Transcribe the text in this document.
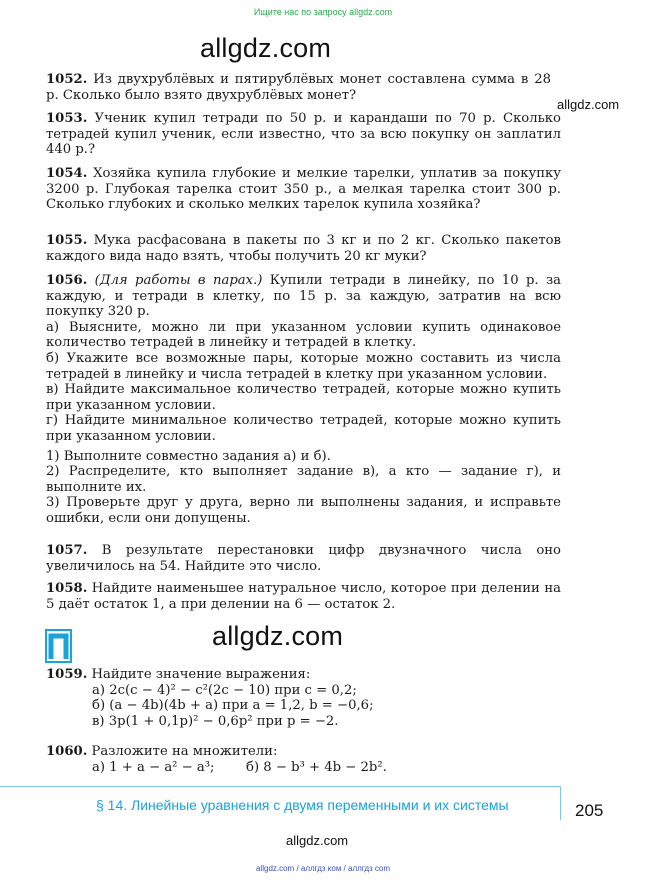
Ищите нас по запросу allgdz.com
allgdz.com
allgdz.com
1052. Из двухрублёвых и пятирублёвых монет составлена сумма в 28 р. Сколько было взято двухрублёвых монет?
1053. Ученик купил тетради по 50 р. и карандаши по 70 р. Сколько тетрадей купил ученик, если известно, что за всю покупку он заплатил 440 р.?
1054. Хозяйка купила глубокие и мелкие тарелки, уплатив за покупку 3200 р. Глубокая тарелка стоит 350 р., а мелкая тарелка стоит 300 р. Сколько глубоких и сколько мелких тарелок купила хозяйка?
1055. Мука расфасована в пакеты по 3 кг и по 2 кг. Сколько пакетов каждого вида надо взять, чтобы получить 20 кг муки?
1056. (Для работы в парах.) Купили тетради в линейку, по 10 р. за каждую, и тетради в клетку, по 15 р. за каждую, затратив на всю покупку 320 р.
а) Выясните, можно ли при указанном условии купить одинаковое количество тетрадей в линейку и тетрадей в клетку.
б) Укажите все возможные пары, которые можно составить из числа тетрадей в линейку и числа тетрадей в клетку при указанном условии.
в) Найдите максимальное количество тетрадей, которые можно купить при указанном условии.
г) Найдите минимальное количество тетрадей, которые можно купить при указанном условии.
1) Выполните совместно задания а) и б).
2) Распределите, кто выполняет задание в), а кто — задание г), и выполните их.
3) Проверьте друг у друга, верно ли выполнены задания, и исправьте ошибки, если они допущены.
1057. В результате перестановки цифр двузначного числа оно увеличилось на 54. Найдите это число.
1058. Найдите наименьшее натуральное число, которое при делении на 5 даёт остаток 1, а при делении на 6 — остаток 2.
allgdz.com
1059. Найдите значение выражения:
а) 2c(c − 4)² − c²(2c − 10) при c = 0,2;
б) (a − 4b)(4b + a) при a = 1,2, b = −0,6;
в) 3p(1 + 0,1p)² − 0,6p² при p = −2.
1060. Разложите на множители:
а) 1 + a − a² − a³; б) 8 − b³ + 4b − 2b².
§ 14. Линейные уравнения с двумя переменными и их системы	205
allgdz.com
allgdz.com / аллгдз ком / аллгдз com
